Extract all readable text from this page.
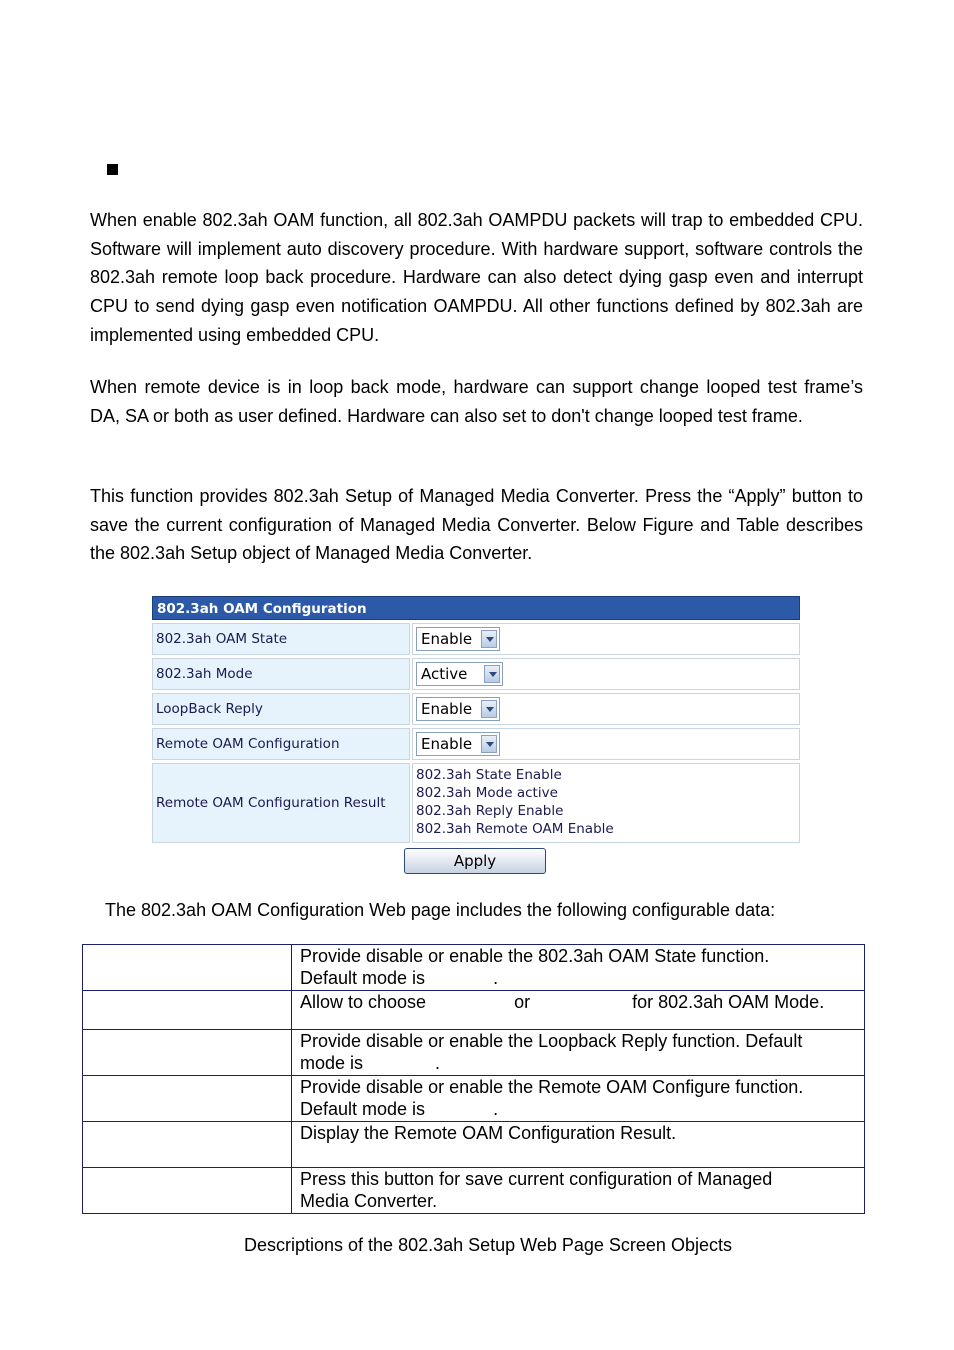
When enable 802.3ah OAM function, all 802.3ah OAMPDU packets will trap to embedded CPU. Software will implement auto discovery procedure. With hardware support, software controls the 802.3ah remote loop back procedure. Hardware can also detect dying gasp even and interrupt CPU to send dying gasp even notification OAMPDU. All other functions defined by 802.3ah are implemented using embedded CPU.

When remote device is in loop back mode, hardware can support change looped test frame’s DA, SA or both as user defined. Hardware can also set to don't change looped test frame.

This function provides 802.3ah Setup of Managed Media Converter. Press the “Apply” button to save the current configuration of Managed Media Converter. Below Figure and Table describes the 802.3ah Setup object of Managed Media Converter.

802.3ah OAM Configuration
802.3ah OAM State	Enable
802.3ah Mode	Active
LoopBack Reply	Enable
Remote OAM Configuration	Enable
Remote OAM Configuration Result
802.3ah State Enable
802.3ah Mode active
802.3ah Reply Enable
802.3ah Remote OAM Enable
Apply

The 802.3ah OAM Configuration Web page includes the following configurable data:

	Provide disable or enable the 802.3ah OAM State function.
Default mode is .

	Allow to choose or for 802.3ah OAM Mode.

	Provide disable or enable the Loopback Reply function. Default
mode is .

	Provide disable or enable the Remote OAM Configure function.
Default mode is .

	Display the Remote OAM Configuration Result.

	Press this button for save current configuration of Managed
Media Converter.

Descriptions of the 802.3ah Setup Web Page Screen Objects
